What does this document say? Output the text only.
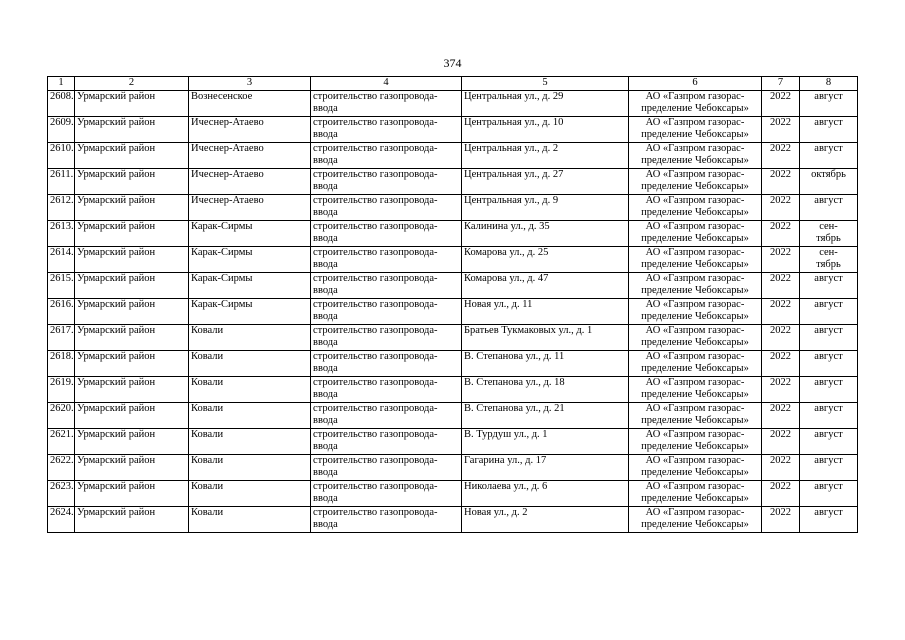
374
1	2	3	4	5	6	7	8
2608.	Урмарский район	Вознесенское	строительство газопровода-
ввода	Центральная ул., д. 29	АО «Газпром газорас-
пределение Чебоксары»	2022	август

2609.	Урмарский район	Ичеснер-Атаево	строительство газопровода-
ввода	Центральная ул., д. 10	АО «Газпром газорас-
пределение Чебоксары»	2022	август

2610.	Урмарский район	Ичеснер-Атаево	строительство газопровода-
ввода	Центральная ул., д. 2	АО «Газпром газорас-
пределение Чебоксары»	2022	август

2611.	Урмарский район	Ичеснер-Атаево	строительство газопровода-
ввода	Центральная ул., д. 27	АО «Газпром газорас-
пределение Чебоксары»	2022	октябрь

2612.	Урмарский район	Ичеснер-Атаево	строительство газопровода-
ввода	Центральная ул., д. 9	АО «Газпром газорас-
пределение Чебоксары»	2022	август

2613.	Урмарский район	Карак-Сирмы	строительство газопровода-
ввода	Калинина ул., д. 35	АО «Газпром газорас-
пределение Чебоксары»	2022	сен-
тябрь
2614.	Урмарский район	Карак-Сирмы	строительство газопровода-
ввода	Комарова ул., д. 25	АО «Газпром газорас-
пределение Чебоксары»	2022	сен-
тябрь
2615.	Урмарский район	Карак-Сирмы	строительство газопровода-
ввода	Комарова ул., д. 47	АО «Газпром газорас-
пределение Чебоксары»	2022	август

2616.	Урмарский район	Карак-Сирмы	строительство газопровода-
ввода	Новая ул., д. 11	АО «Газпром газорас-
пределение Чебоксары»	2022	август

2617.	Урмарский район	Ковали	строительство газопровода-
ввода	Братьев Тукмаковых ул., д. 1	АО «Газпром газорас-
пределение Чебоксары»	2022	август

2618.	Урмарский район	Ковали	строительство газопровода-
ввода	В. Степанова ул., д. 11	АО «Газпром газорас-
пределение Чебоксары»	2022	август

2619.	Урмарский район	Ковали	строительство газопровода-
ввода	В. Степанова ул., д. 18	АО «Газпром газорас-
пределение Чебоксары»	2022	август

2620.	Урмарский район	Ковали	строительство газопровода-
ввода	В. Степанова ул., д. 21	АО «Газпром газорас-
пределение Чебоксары»	2022	август

2621.	Урмарский район	Ковали	строительство газопровода-
ввода	В. Турдуш ул., д. 1	АО «Газпром газорас-
пределение Чебоксары»	2022	август

2622.	Урмарский район	Ковали	строительство газопровода-
ввода	Гагарина ул., д. 17	АО «Газпром газорас-
пределение Чебоксары»	2022	август

2623.	Урмарский район	Ковали	строительство газопровода-
ввода	Николаева ул., д. 6	АО «Газпром газорас-
пределение Чебоксары»	2022	август

2624.	Урмарский район	Ковали	строительство газопровода-
ввода	Новая ул., д. 2	АО «Газпром газорас-
пределение Чебоксары»	2022	август
